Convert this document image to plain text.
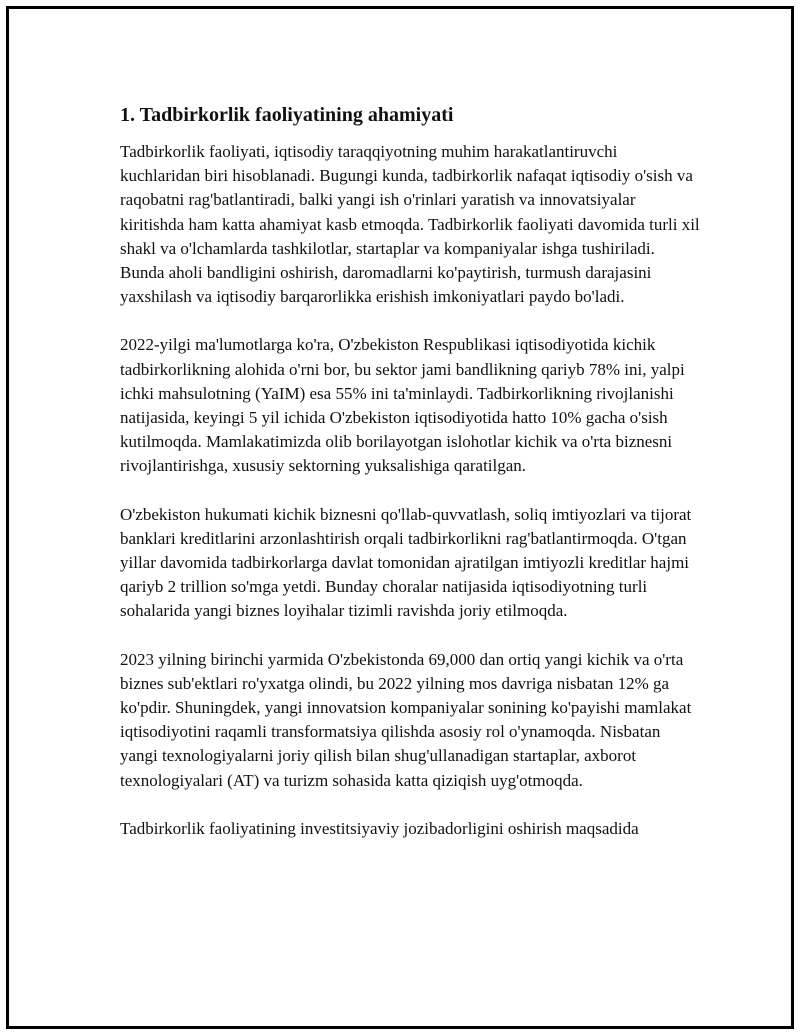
1. Tadbirkorlik faoliyatining ahamiyati

Tadbirkorlik faoliyati, iqtisodiy taraqqiyotning muhim harakatlantiruvchi kuchlaridan biri hisoblanadi. Bugungi kunda, tadbirkorlik nafaqat iqtisodiy o'sish va raqobatni rag'batlantiradi, balki yangi ish o'rinlari yaratish va innovatsiyalar kiritishda ham katta ahamiyat kasb etmoqda. Tadbirkorlik faoliyati davomida turli xil shakl va o'lchamlarda tashkilotlar, startaplar va kompaniyalar ishga tushiriladi. Bunda aholi bandligini oshirish, daromadlarni ko'paytirish, turmush darajasini yaxshilash va iqtisodiy barqarorlikka erishish imkoniyatlari paydo bo'ladi.

2022-yilgi ma'lumotlarga ko'ra, O'zbekiston Respublikasi iqtisodiyotida kichik tadbirkorlikning alohida o'rni bor, bu sektor jami bandlikning qariyb 78% ini, yalpi ichki mahsulotning (YaIM) esa 55% ini ta'minlaydi. Tadbirkorlikning rivojlanishi natijasida, keyingi 5 yil ichida O'zbekiston iqtisodiyotida hatto 10% gacha o'sish kutilmoqda. Mamlakatimizda olib borilayotgan islohotlar kichik va o'rta biznesni rivojlantirishga, xususiy sektorning yuksalishiga qaratilgan.

O'zbekiston hukumati kichik biznesni qo'llab-quvvatlash, soliq imtiyozlari va tijorat banklari kreditlarini arzonlashtirish orqali tadbirkorlikni rag'batlantirmoqda. O'tgan yillar davomida tadbirkorlarga davlat tomonidan ajratilgan imtiyozli kreditlar hajmi qariyb 2 trillion so'mga yetdi. Bunday choralar natijasida iqtisodiyotning turli sohalarida yangi biznes loyihalar tizimli ravishda joriy etilmoqda.

2023 yilning birinchi yarmida O'zbekistonda 69,000 dan ortiq yangi kichik va o'rta biznes sub'ektlari ro'yxatga olindi, bu 2022 yilning mos davriga nisbatan 12% ga ko'pdir. Shuningdek, yangi innovatsion kompaniyalar sonining ko'payishi mamlakat iqtisodiyotini raqamli transformatsiya qilishda asosiy rol o'ynamoqda. Nisbatan yangi texnologiyalarni joriy qilish bilan shug'ullanadigan startaplar, axborot texnologiyalari (AT) va turizm sohasida katta qiziqish uyg'otmoqda.

Tadbirkorlik faoliyatining investitsiyaviy jozibadorligini oshirish maqsadida
